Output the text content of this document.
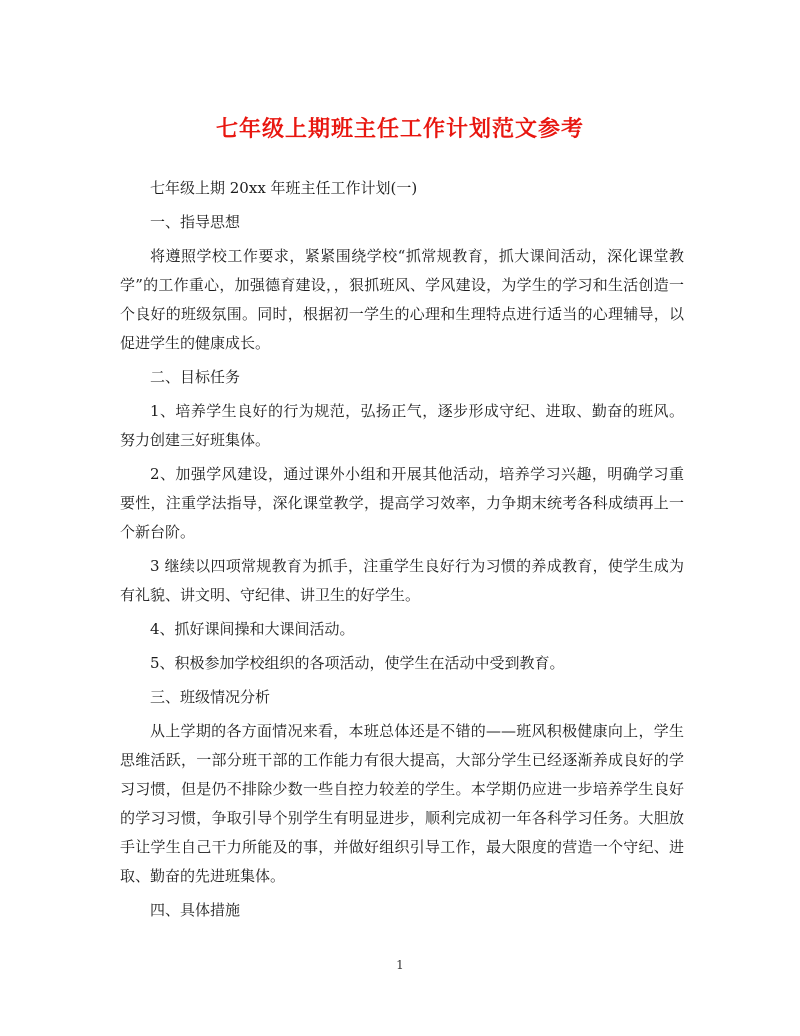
七年级上期班主任工作计划范文参考

七年级上期 20xx 年班主任工作计划(一)

一、指导思想

将遵照学校工作要求，紧紧围绕学校“抓常规教育，抓大课间活动，深化课堂教学”的工作重心，加强德育建设，，狠抓班风、学风建设，为学生的学习和生活创造一个良好的班级氛围。同时，根据初一学生的心理和生理特点进行适当的心理辅导，以促进学生的健康成长。

二、目标任务

1、培养学生良好的行为规范，弘扬正气，逐步形成守纪、进取、勤奋的班风。努力创建三好班集体。

2、加强学风建设，通过课外小组和开展其他活动，培养学习兴趣，明确学习重要性，注重学法指导，深化课堂教学，提高学习效率，力争期末统考各科成绩再上一个新台阶。

3 继续以四项常规教育为抓手，注重学生良好行为习惯的养成教育，使学生成为有礼貌、讲文明、守纪律、讲卫生的好学生。

4、抓好课间操和大课间活动。

5、积极参加学校组织的各项活动，使学生在活动中受到教育。

三、班级情况分析

从上学期的各方面情况来看，本班总体还是不错的——班风积极健康向上，学生思维活跃，一部分班干部的工作能力有很大提高，大部分学生已经逐渐养成良好的学习习惯，但是仍不排除少数一些自控力较差的学生。本学期仍应进一步培养学生良好的学习习惯，争取引导个别学生有明显进步，顺利完成初一年各科学习任务。大胆放手让学生自己干力所能及的事，并做好组织引导工作，最大限度的营造一个守纪、进取、勤奋的先进班集体。

四、具体措施

1
